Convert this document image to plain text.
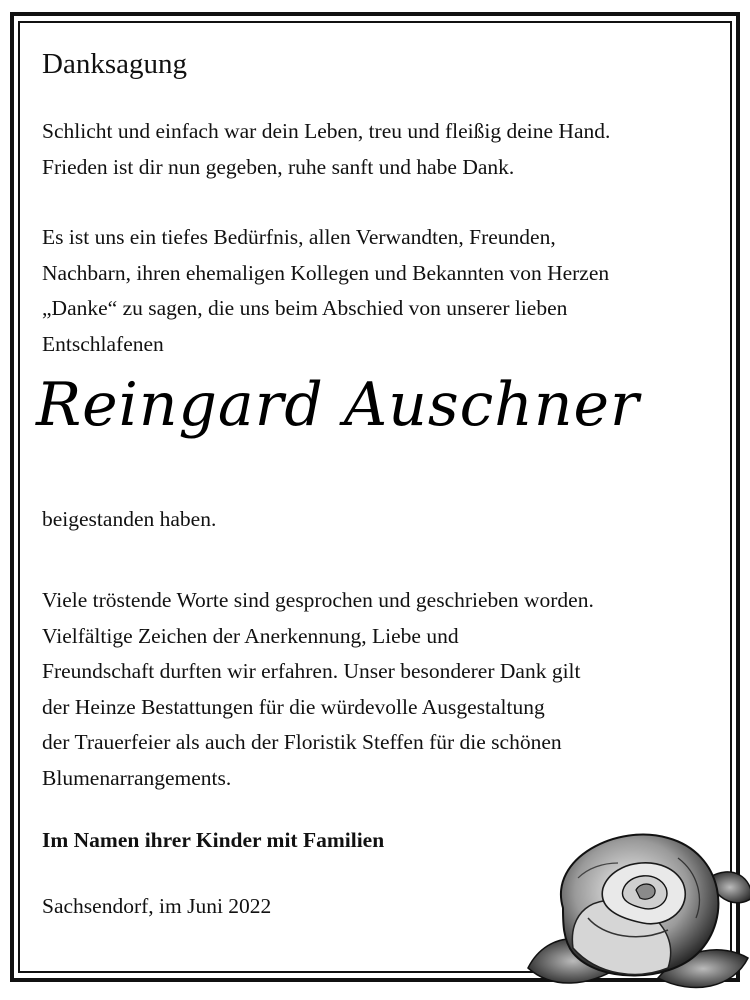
Danksagung
Schlicht und einfach war dein Leben, treu und fleißig deine Hand.
Frieden ist dir nun gegeben, ruhe sanft und habe Dank.
Es ist uns ein tiefes Bedürfnis, allen Verwandten, Freunden,
Nachbarn, ihren ehemaligen Kollegen und Bekannten von Herzen
„Danke“ zu sagen, die uns beim Abschied von unserer lieben
Entschlafenen
Reingard Auschner
beigestanden haben.
Viele tröstende Worte sind gesprochen und geschrieben worden.
Vielfältige Zeichen der Anerkennung, Liebe und
Freundschaft durften wir erfahren. Unser besonderer Dank gilt
der Heinze Bestattungen für die würdevolle Ausgestaltung
der Trauerfeier als auch der Floristik Steffen für die schönen
Blumenarrangements.
Im Namen ihrer Kinder mit Familien
Sachsendorf, im Juni 2022
